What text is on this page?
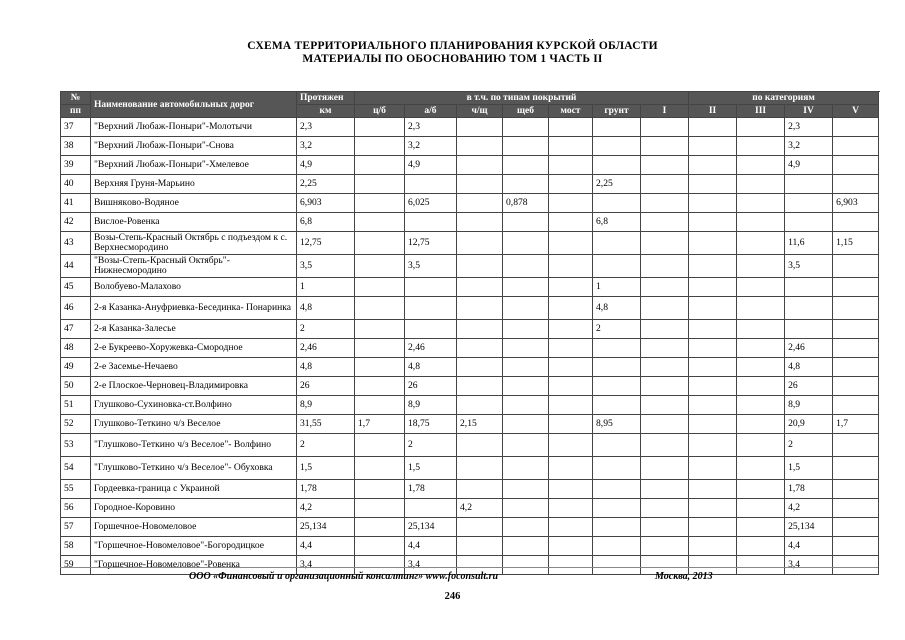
СХЕМА ТЕРРИТОРИАЛЬНОГО ПЛАНИРОВАНИЯ КУРСКОЙ ОБЛАСТИ
МАТЕРИАЛЫ ПО ОБОСНОВАНИЮ ТОМ 1 ЧАСТЬ II
№	Наименование автомобильных дорог	Протяжен	в т.ч. по типам покрытий							по категориям			
пп		км	ц/б	а/б	ч/щ	щеб	мост	грунт	I	II	III	IV	V
37	"Верхний Любаж-Поныри"-Молотычи	2,3		2,3								2,3	
38	"Верхний Любаж-Поныри"-Снова	3,2		3,2								3,2	
39	"Верхний Любаж-Поныри"-Хмелевое	4,9		4,9								4,9	
40	Верхняя Груня-Марьино	2,25						2,25					
41	Вишнякoво-Водяное	6,903		6,025		0,878							6,903
42	Вислое-Ровенка	6,8						6,8					
43	Возы-Степь-Красный Октябрь с подъездом к с. Верхнесмородино	12,75		12,75								11,6	1,15
44	"Возы-Степь-Красный Октябрь"- Нижнесмородино	3,5		3,5								3,5	
45	Волобуево-Малахово	1						1					
46	2-я Казанка-Ануфриевка-Бесединка- Понаринка	4,8						4,8					
47	2-я Казанка-Залесье	2						2					
48	2-е Букреево-Хоружевка-Смородное	2,46		2,46								2,46	
49	2-е Засемье-Нечаево	4,8		4,8								4,8	
50	2-е Плоское-Черновец-Владимировка	26		26								26	
51	Глушково-Сухиновка-ст.Волфино	8,9		8,9								8,9	
52	Глушково-Теткино ч/з Веселое	31,55	1,7	18,75	2,15			8,95				20,9	1,7
53	"Глушково-Теткино ч/з Веселое"- Волфино	2		2								2	
54	"Глушково-Теткино ч/з Веселое"- Обуховка	1,5		1,5								1,5	
55	Гордеевка-граница с Украиной	1,78		1,78								1,78	
56	Городное-Коровино	4,2			4,2							4,2	
57	Горшечное-Новомеловое	25,134		25,134								25,134	
58	"Горшечное-Новомеловое"-Богородицкое	4,4		4,4								4,4	
59	"Горшечное-Новомеловое"-Ровенка	3,4		3,4								3,4	
ООО «Финансовый и организационный консалтинг» www.foconsult.ru	Москва, 2013
246
